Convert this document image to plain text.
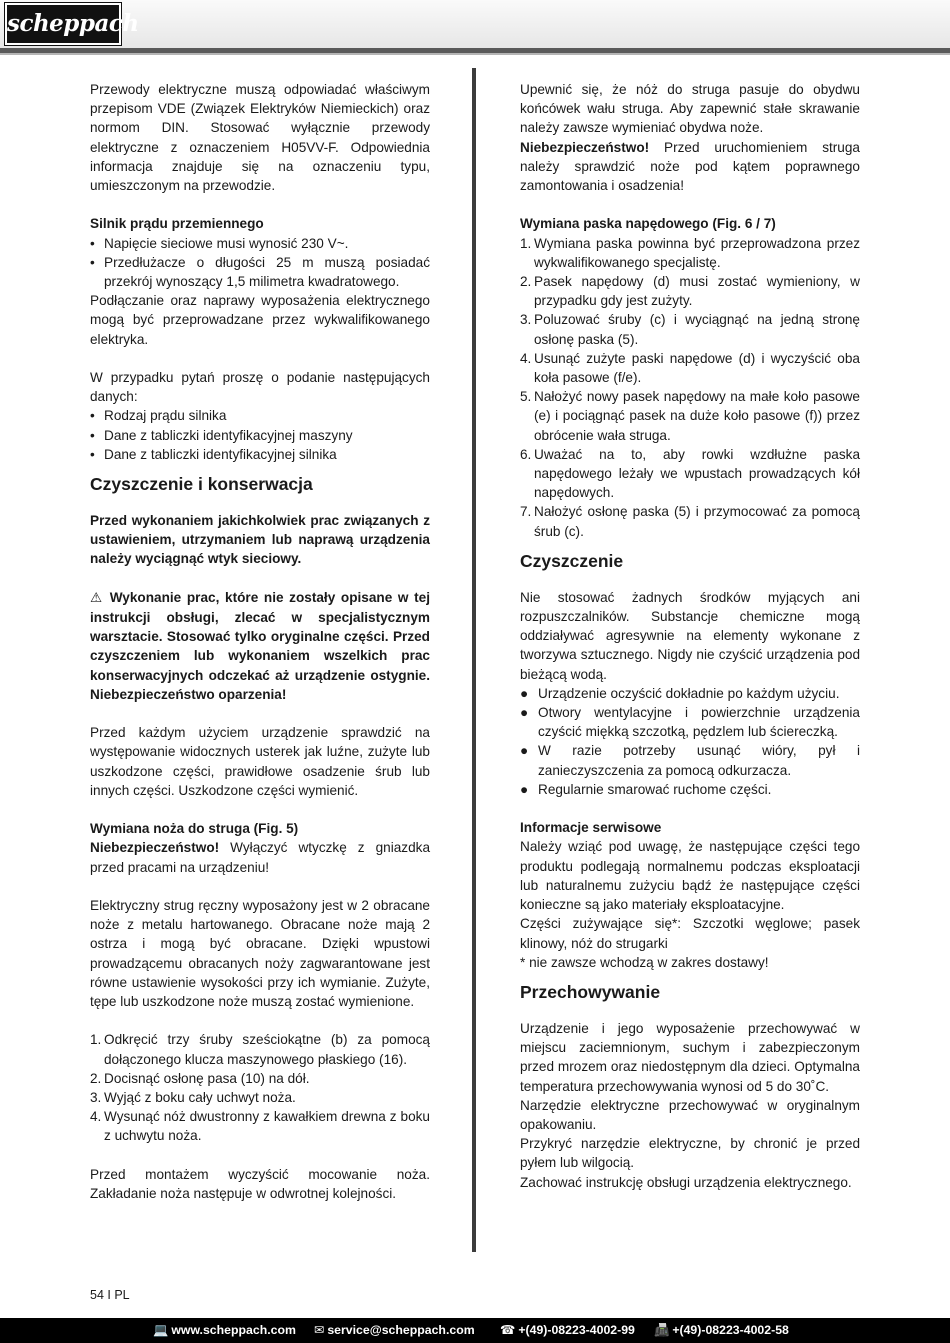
scheppach

Przewody elektryczne muszą odpowiadać właściwym przepisom VDE (Związek Elektryków Niemieckich) oraz normom DIN. Stosować wyłącznie przewody elektryczne z oznaczeniem H05VV-F. Odpowiednia informacja znajduje się na oznaczeniu typu, umieszczonym na przewodzie.

Silnik prądu przemiennego

• Napięcie sieciowe musi wynosić 230 V~.
• Przedłużacze o długości 25 m muszą posiadać przekrój wynoszący 1,5 milimetra kwadratowego.

Podłączanie oraz naprawy wyposażenia elektrycznego mogą być przeprowadzane przez wykwalifikowanego elektryka.

W przypadku pytań proszę o podanie następujących danych:

• Rodzaj prądu silnika
• Dane z tabliczki identyfikacyjnej maszyny
• Dane z tabliczki identyfikacyjnej silnika

Czyszczenie i konserwacja

Przed wykonaniem jakichkolwiek prac związanych z ustawieniem, utrzymaniem lub naprawą urządzenia należy wyciągnąć wtyk sieciowy.

⚠ Wykonanie prac, które nie zostały opisane w tej instrukcji obsługi, zlecać w specjalistycznym warsztacie. Stosować tylko oryginalne części. Przed czyszczeniem lub wykonaniem wszelkich prac konserwacyjnych odczekać aż urządzenie ostygnie. Niebezpieczeństwo oparzenia!

Przed każdym użyciem urządzenie sprawdzić na występowanie widocznych usterek jak luźne, zużyte lub uszkodzone części, prawidłowe osadzenie śrub lub innych części. Uszkodzone części wymienić.

Wymiana noża do struga (Fig. 5)

Niebezpieczeństwo! Wyłączyć wtyczkę z gniazdka przed pracami na urządzeniu!

Elektryczny strug ręczny wyposażony jest w 2 obracane noże z metalu hartowanego. Obracane noże mają 2 ostrza i mogą być obracane. Dzięki wpustowi prowadzącemu obracanych noży zagwarantowane jest równe ustawienie wysokości przy ich wymianie. Zużyte, tępe lub uszkodzone noże muszą zostać wymienione.

1. Odkręcić trzy śruby sześciokątne (b) za pomocą dołączonego klucza maszynowego płaskiego (16).
2. Docisnąć osłonę pasa (10) na dół.
3. Wyjąć z boku cały uchwyt noża.
4. Wysunąć nóż dwustronny z kawałkiem drewna z boku z uchwytu noża.

Przed montażem wyczyścić mocowanie noża. Zakładanie noża następuje w odwrotnej kolejności.

Upewnić się, że nóż do struga pasuje do obydwu końcówek wału struga. Aby zapewnić stałe skrawanie należy zawsze wymieniać obydwa noże.

Niebezpieczeństwo! Przed uruchomieniem struga należy sprawdzić noże pod kątem poprawnego zamontowania i osadzenia!

Wymiana paska napędowego (Fig. 6 / 7)

1. Wymiana paska powinna być przeprowadzona przez wykwalifikowanego specjalistę.
2. Pasek napędowy (d) musi zostać wymieniony, w przypadku gdy jest zużyty.
3. Poluzować śruby (c) i wyciągnąć na jedną stronę osłonę paska (5).
4. Usunąć zużyte paski napędowe (d) i wyczyścić oba koła pasowe (f/e).
5. Nałożyć nowy pasek napędowy na małe koło pasowe (e) i pociągnąć pasek na duże koło pasowe (f)) przez obrócenie wała struga.
6. Uważać na to, aby rowki wzdłużne paska napędowego leżały we wpustach prowadzących kół napędowych.
7. Nałożyć osłonę paska (5) i przymocować za pomocą śrub (c).

Czyszczenie

Nie stosować żadnych środków myjących ani rozpuszczalników. Substancje chemiczne mogą oddziaływać agresywnie na elementy wykonane z tworzywa sztucznego. Nigdy nie czyścić urządzenia pod bieżącą wodą.

● Urządzenie oczyścić dokładnie po każdym użyciu.
● Otwory wentylacyjne i powierzchnie urządzenia czyścić miękką szczotką, pędzlem lub ściereczką.
● W razie potrzeby usunąć wióry, pył i zanieczyszczenia za pomocą odkurzacza.
● Regularnie smarować ruchome części.

Informacje serwisowe

Należy wziąć pod uwagę, że następujące części tego produktu podlegają normalnemu podczas eksploatacji lub naturalnemu zużyciu bądź że następujące części konieczne są jako materiały eksploatacyjne.

Części zużywające się*: Szczotki węglowe; pasek klinowy, nóż do strugarki

* nie zawsze wchodzą w zakres dostawy!

Przechowywanie

Urządzenie i jego wyposażenie przechowywać w miejscu zaciemnionym, suchym i zabezpieczonym przed mrozem oraz niedostępnym dla dzieci. Optymalna temperatura przechowywania wynosi od 5 do 30˚C.

Narzędzie elektryczne przechowywać w oryginalnym opakowaniu.

Przykryć narzędzie elektryczne, by chronić je przed pyłem lub wilgocią.

Zachować instrukcję obsługi urządzenia elektrycznego.

54 I PL
💻 www.scheppach.com ✉ service@scheppach.com ☎ +(49)-08223-4002-99 📠 +(49)-08223-4002-58
